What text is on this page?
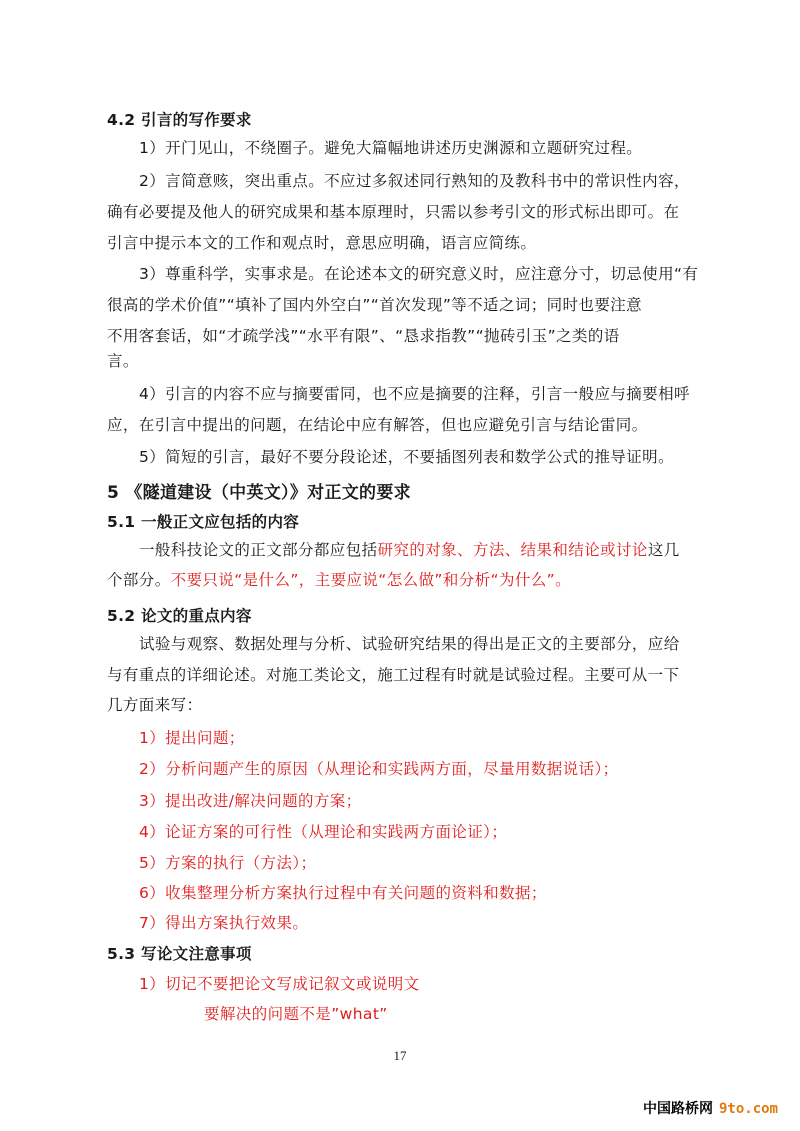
4.2 引言的写作要求
1）开门见山，不绕圈子。避免大篇幅地讲述历史渊源和立题研究过程。
2）言简意赅，突出重点。不应过多叙述同行熟知的及教科书中的常识性内容，
确有必要提及他人的研究成果和基本原理时，只需以参考引文的形式标出即可。在
引言中提示本文的工作和观点时，意思应明确，语言应简练。
3）尊重科学，实事求是。在论述本文的研究意义时，应注意分寸，切忌使用“有
很高的学术价值”“填补了国内外空白”“首次发现”等不适之词；同时也要注意
不用客套话，如“才疏学浅”“水平有限”、“恳求指教”“抛砖引玉”之类的语
言。
4）引言的内容不应与摘要雷同，也不应是摘要的注释，引言一般应与摘要相呼
应，在引言中提出的问题，在结论中应有解答，但也应避免引言与结论雷同。
5）简短的引言，最好不要分段论述，不要插图列表和数学公式的推导证明。
5 《隧道建设（中英文）》对正文的要求
5.1 一般正文应包括的内容
一般科技论文的正文部分都应包括研究的对象、方法、结果和结论或讨论这几
个部分。不要只说“是什么”，主要应说“怎么做”和分析“为什么”。
5.2 论文的重点内容
试验与观察、数据处理与分析、试验研究结果的得出是正文的主要部分，应给
与有重点的详细论述。对施工类论文，施工过程有时就是试验过程。主要可从一下
几方面来写：
1）提出问题；
2）分析问题产生的原因（从理论和实践两方面，尽量用数据说话）；
3）提出改进/解决问题的方案；
4）论证方案的可行性（从理论和实践两方面论证）；
5）方案的执行（方法）；
6）收集整理分析方案执行过程中有关问题的资料和数据；
7）得出方案执行效果。
5.3 写论文注意事项
1）切记不要把论文写成记叙文或说明文
要解决的问题不是”what”
17
中国路桥网 9to.com
